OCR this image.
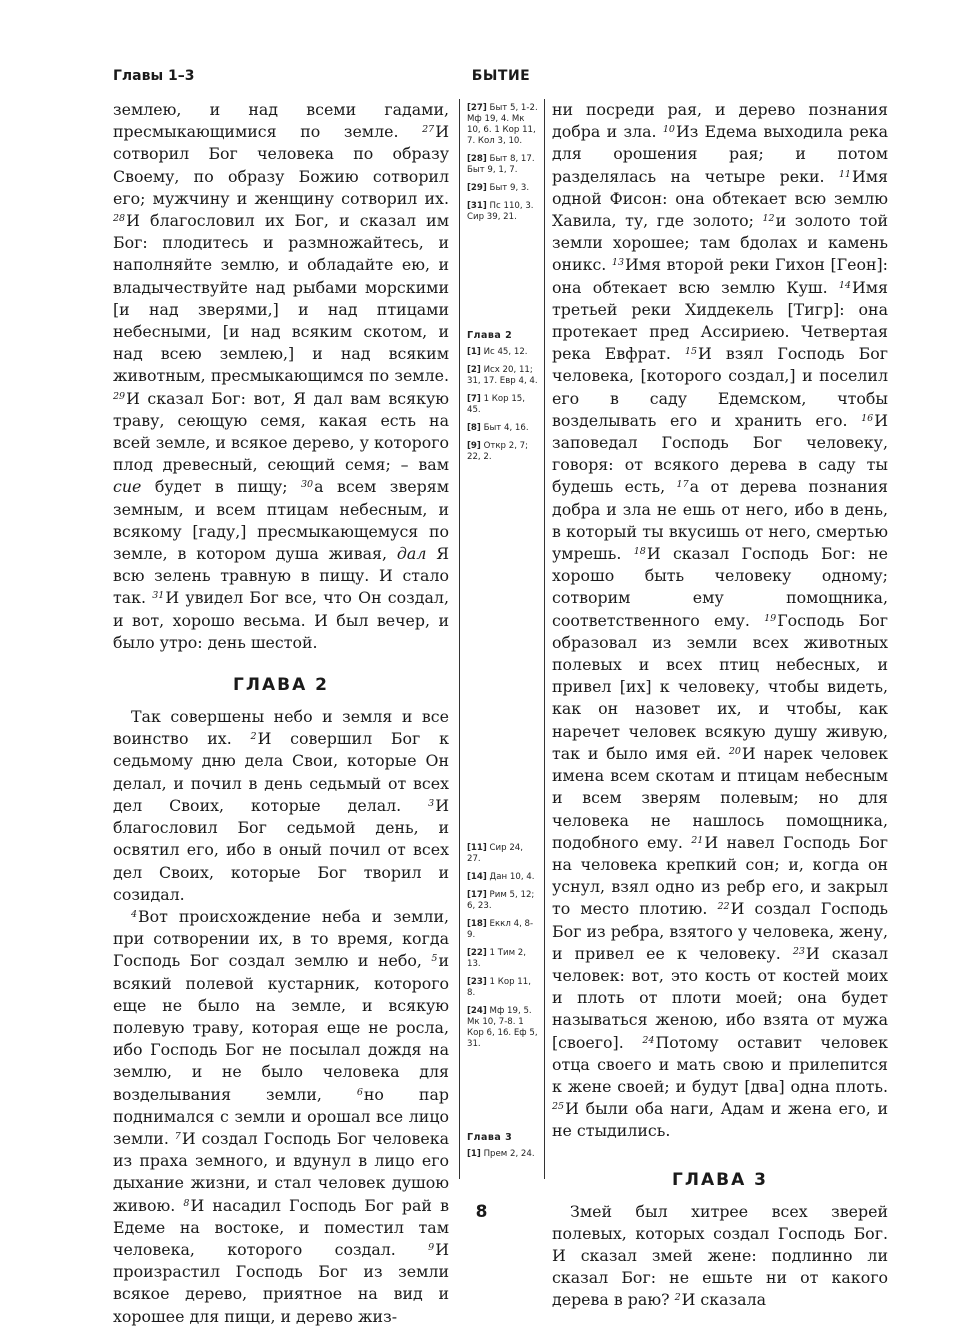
Главы 1–3	БЫТИЕ

землею, и над всеми гадами, пресмыкающимися по земле. $^{27}$И сотворил Бог человека по образу Своему, по образу Божию сотворил его; мужчину и женщину сотворил их. $^{28}$И благословил их Бог, и сказал им Бог: плодитесь и размножайтесь, и наполняйте землю, и обладайте ею, и владычествуйте над рыбами морскими [и над зверями,] и над птицами небесными, [и над всяким скотом, и над всею землею,] и над всяким животным, пресмыкающимся по земле. $^{29}$И сказал Бог: вот, Я дал вам всякую траву, сеющую семя, какая есть на всей земле, и всякое дерево, у которого плод древесный, сеющий семя; – вам сие будет в пищу; $^{30}$а всем зверям земным, и всем птицам небесным, и всякому [гаду,] пресмыкающемуся по земле, в котором душа живая, дал Я всю зелень травную в пищу. И стало так. $^{31}$И увидел Бог все, что Он создал, и вот, хорошо весьма. И был вечер, и было утро: день шестой.

ГЛАВА 2

Так совершены небо и земля и все воинство их. $^2$И совершил Бог к седьмому дню дела Свои, которые Он делал, и почил в день седьмый от всех дел Своих, которые делал. $^3$И благословил Бог седьмой день, и освятил его, ибо в оный почил от всех дел Своих, которые Бог творил и созидал.

$^4$Вот происхождение неба и земли, при сотворении их, в то время, когда Господь Бог создал землю и небо, $^5$и всякий полевой кустарник, которого еще не было на земле, и всякую полевую траву, которая еще не росла, ибо Господь Бог не посылал дождя на землю, и не было человека для возделывания земли, $^6$но пар поднимался с земли и орошал все лицо земли. $^7$И создал Господь Бог человека из праха земного, и вдунул в лицо его дыхание жизни, и стал человек душою живою. $^8$И насадил Господь Бог рай в Едеме на востоке, и поместил там человека, которого создал. $^9$И произрастил Господь Бог из земли всякое дерево, приятное на вид и хорошее для пищи, и дерево жиз-

[27] Быт 5, 1-2. Мф 19, 4. Мк 10, 6. 1 Кор 11, 7. Кол 3, 10.
[28] Быт 8, 17. Быт 9, 1, 7.
[29] Быт 9, 3.
[31] Пс 110, 3. Сир 39, 21.
Глава 2
[1] Ис 45, 12.
[2] Исх 20, 11; 31, 17. Евр 4, 4.
[7] 1 Кор 15, 45.
[8] Быт 4, 16.
[9] Откр 2, 7; 22, 2.
[11] Сир 24, 27.
[14] Дан 10, 4.
[17] Рим 5, 12; 6, 23.
[18] Еккл 4, 8-9.
[22] 1 Тим 2, 13.
[23] 1 Кор 11, 8.
[24] Мф 19, 5. Мк 10, 7-8. 1 Кор 6, 16. Еф 5, 31.
Глава 3
[1] Прем 2, 24.

ни посреди рая, и дерево познания добра и зла. $^{10}$Из Едема выходила река для орошения рая; и потом разделялась на четыре реки. $^{11}$Имя одной Фисон: она обтекает всю землю Хавила, ту, где золото; $^{12}$и золото той земли хорошее; там бдолах и камень оникс. $^{13}$Имя второй реки Гихон [Геон]: она обтекает всю землю Куш. $^{14}$Имя третьей реки Хиддекель [Тигр]: она протекает пред Ассириею. Четвертая река Евфрат. $^{15}$И взял Господь Бог человека, [которого создал,] и поселил его в саду Едемском, чтобы возделывать его и хранить его. $^{16}$И заповедал Господь Бог человеку, говоря: от всякого дерева в саду ты будешь есть, $^{17}$а от дерева познания добра и зла не ешь от него, ибо в день, в который ты вкусишь от него, смертью умрешь. $^{18}$И сказал Господь Бог: не хорошо быть человеку одному; сотворим ему помощника, соответственного ему. $^{19}$Господь Бог образовал из земли всех животных полевых и всех птиц небесных, и привел [их] к человеку, чтобы видеть, как он назовет их, и чтобы, как наречет человек всякую душу живую, так и было имя ей. $^{20}$И нарек человек имена всем скотам и птицам небесным и всем зверям полевым; но для человека не нашлось помощника, подобного ему. $^{21}$И навел Господь Бог на человека крепкий сон; и, когда он уснул, взял одно из ребр его, и закрыл то место плотию. $^{22}$И создал Господь Бог из ребра, взятого у человека, жену, и привел ее к человеку. $^{23}$И сказал человек: вот, это кость от костей моих и плоть от плоти моей; она будет называться женою, ибо взята от мужа [своего]. $^{24}$Потому оставит человек отца своего и мать свою и прилепится к жене своей; и будут [два] одна плоть. $^{25}$И были оба наги, Адам и жена его, и не стыдились.

ГЛАВА 3

Змей был хитрее всех зверей полевых, которых создал Господь Бог. И сказал змей жене: подлинно ли сказал Бог: не ешьте ни от какого дерева в раю? $^2$И сказала

8
